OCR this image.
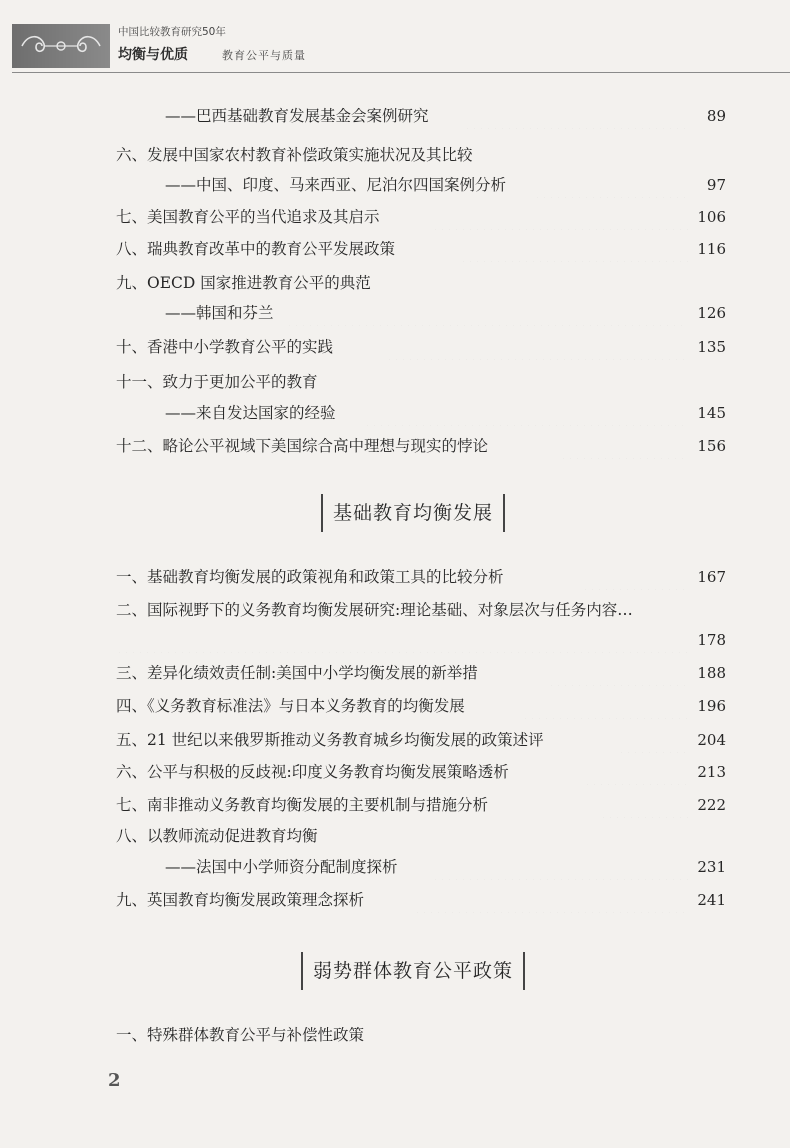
中国比较教育研究50年
均衡与优质	教育公平与质量
——巴西基础教育发展基金会案例研究	89
六、发展中国家农村教育补偿政策实施状况及其比较
——中国、印度、马来西亚、尼泊尔四国案例分析	97
七、美国教育公平的当代追求及其启示	106
八、瑞典教育改革中的教育公平发展政策	116
九、OECD 国家推进教育公平的典范
——韩国和芬兰	126
十、香港中小学教育公平的实践	135
十一、致力于更加公平的教育
——来自发达国家的经验	145
十二、略论公平视域下美国综合高中理想与现实的悖论	156
基础教育均衡发展
一、基础教育均衡发展的政策视角和政策工具的比较分析	167
二、国际视野下的义务教育均衡发展研究:理论基础、对象层次与任务内容…
178
三、差异化绩效责任制:美国中小学均衡发展的新举措	188
四、《义务教育标准法》与日本义务教育的均衡发展	196
五、21 世纪以来俄罗斯推动义务教育城乡均衡发展的政策述评	204
六、公平与积极的反歧视:印度义务教育均衡发展策略透析	213
七、南非推动义务教育均衡发展的主要机制与措施分析	222
八、以教师流动促进教育均衡
——法国中小学师资分配制度探析	231
九、英国教育均衡发展政策理念探析	241
弱势群体教育公平政策
一、特殊群体教育公平与补偿性政策
2
